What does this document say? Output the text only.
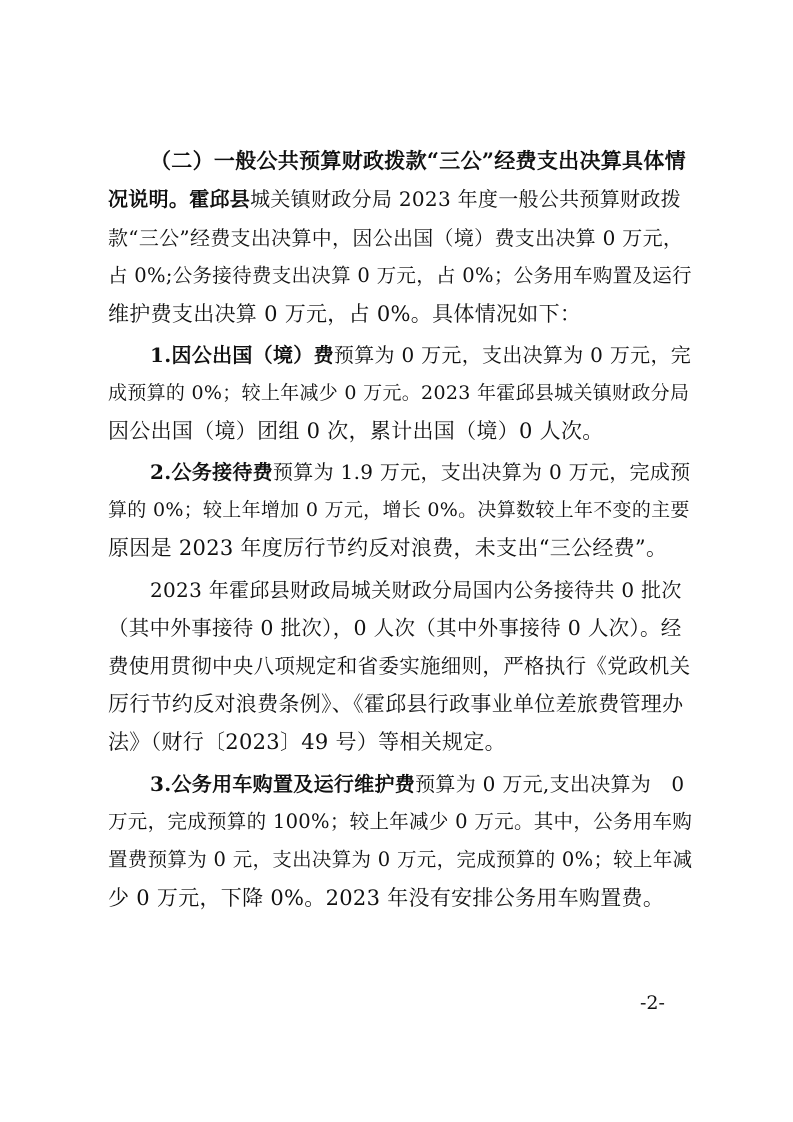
（二）一般公共预算财政拨款“三公”经费支出决算具体情
况说明。霍邱县城关镇财政分局 2023 年度一般公共预算财政拨
款“三公”经费支出决算中，因公出国（境）费支出决算 0 万元，
占 0%;公务接待费支出决算 0 万元，占 0%；公务用车购置及运行
维护费支出决算 0 万元，占 0%。具体情况如下：
1.因公出国（境）费预算为 0 万元，支出决算为 0 万元，完
成预算的 0%；较上年减少 0 万元。2023 年霍邱县城关镇财政分局
因公出国（境）团组 0 次，累计出国（境）0 人次。
2.公务接待费预算为 1.9 万元，支出决算为 0 万元，完成预
算的 0%；较上年增加 0 万元，增长 0%。决算数较上年不变的主要
原因是 2023 年度厉行节约反对浪费，未支出“三公经费”。
2023 年霍邱县财政局城关财政分局国内公务接待共 0 批次
（其中外事接待 0 批次），0 人次（其中外事接待 0 人次）。经
费使用贯彻中央八项规定和省委实施细则，严格执行《党政机关
厉行节约反对浪费条例》、《霍邱县行政事业单位差旅费管理办
法》（财行〔2023〕49 号）等相关规定。
3.公务用车购置及运行维护费预算为 0 万元,支出决算为　0
万元，完成预算的 100%；较上年减少 0 万元。其中，公务用车购
置费预算为 0 元，支出决算为 0 万元，完成预算的 0%；较上年减
少 0 万元，下降 0%。2023 年没有安排公务用车购置费。
-2-
